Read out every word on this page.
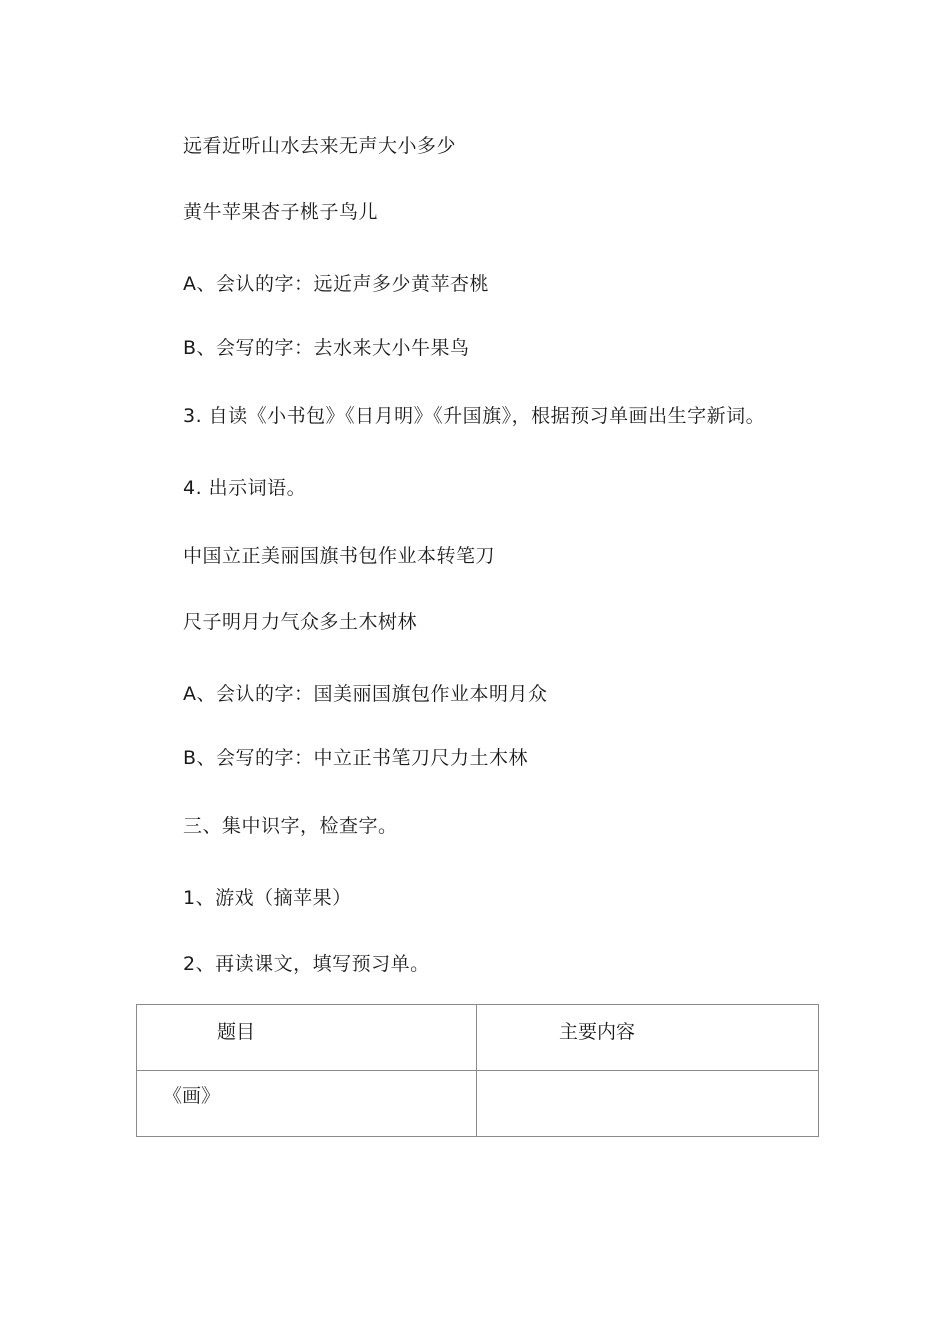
远看近听山水去来无声大小多少
黄牛苹果杏子桃子鸟儿
A、会认的字：远近声多少黄苹杏桃
B、会写的字：去水来大小牛果鸟
3. 自读《小书包》《日月明》《升国旗》，根据预习单画出生字新词。
4. 出示词语。
中国立正美丽国旗书包作业本转笔刀
尺子明月力气众多土木树林
A、会认的字：国美丽国旗包作业本明月众
B、会写的字：中立正书笔刀尺力土木林
三、集中识字，检查字。
1、游戏（摘苹果）
2、再读课文，填写预习单。
题目	主要内容
《画》	
